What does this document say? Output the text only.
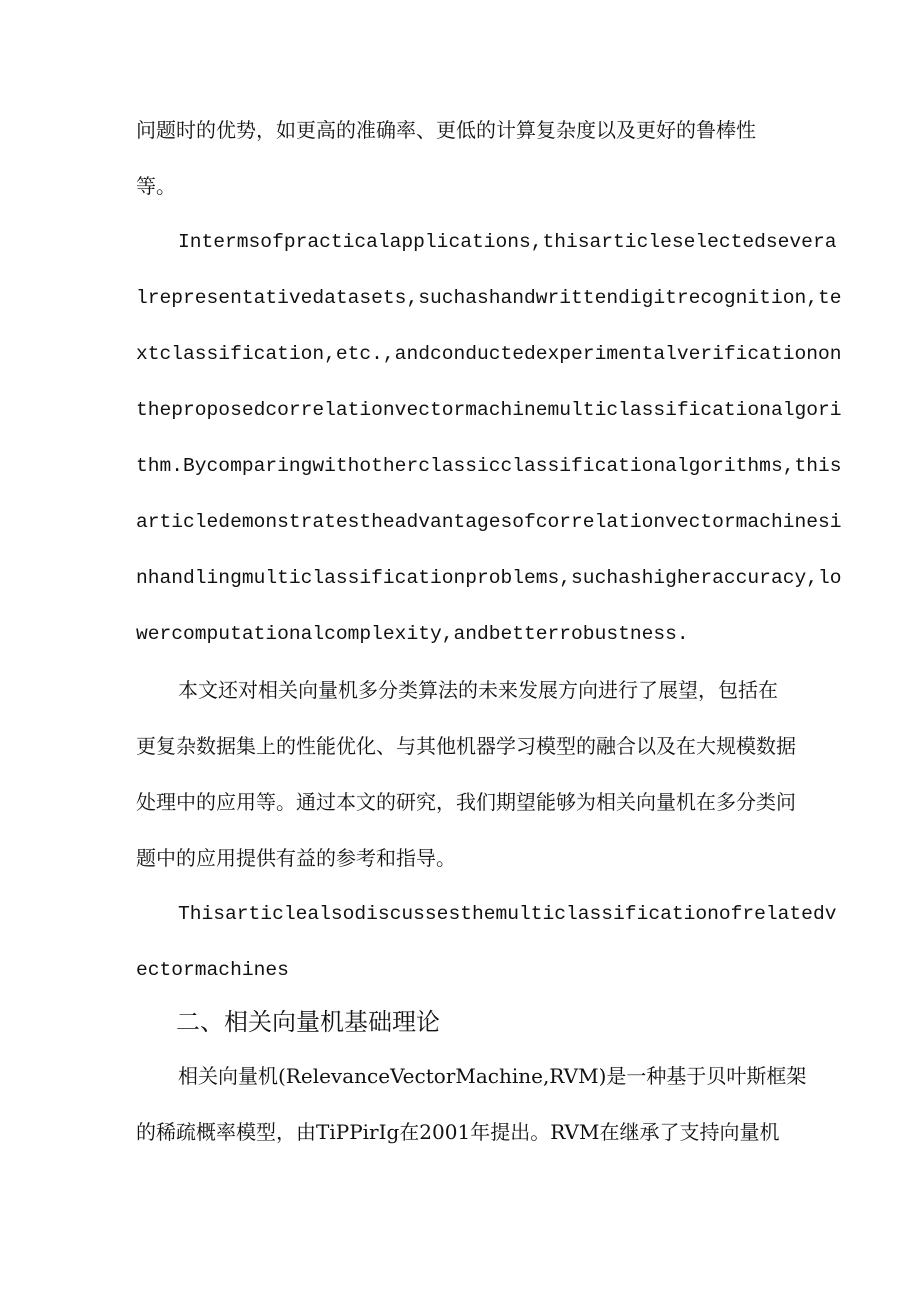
问题时的优势，如更高的准确率、更低的计算复杂度以及更好的鲁棒性
等。
Intermsofpracticalapplications,thisarticleselectedsevera
lrepresentativedatasets,suchashandwrittendigitrecognition,te
xtclassification,etc.,andconductedexperimentalverificationon
theproposedcorrelationvectormachinemulticlassificationalgori
thm.Bycomparingwithotherclassicclassificationalgorithms,this
articledemonstratestheadvantagesofcorrelationvectormachinesi
nhandlingmulticlassificationproblems,suchashigheraccuracy,lo
wercomputationalcomplexity,andbetterrobustness.
本文还对相关向量机多分类算法的未来发展方向进行了展望，包括在
更复杂数据集上的性能优化、与其他机器学习模型的融合以及在大规模数据
处理中的应用等。通过本文的研究，我们期望能够为相关向量机在多分类问
题中的应用提供有益的参考和指导。
Thisarticlealsodiscussesthemulticlassificationofrelatedv
ectormachines
二、相关向量机基础理论
相关向量机(RelevanceVectorMachine,RVM)是一种基于贝叶斯框架
的稀疏概率模型，由TiPPirIg在2001年提出。RVM在继承了支持向量机
